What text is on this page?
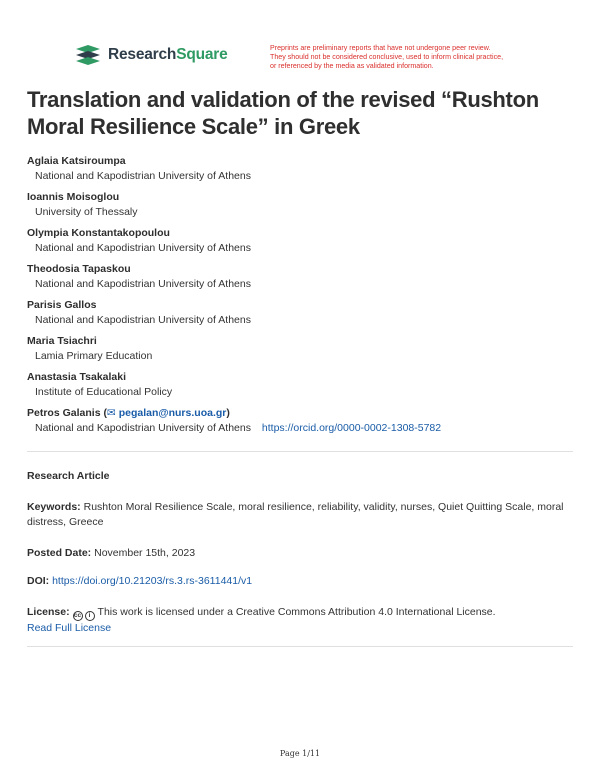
ResearchSquare	Preprints are preliminary reports that have not undergone peer review.
They should not be considered conclusive, used to inform clinical practice,
or referenced by the media as validated information.
Translation and validation of the revised “Rushton Moral Resilience Scale” in Greek
Aglaia Katsiroumpa
National and Kapodistrian University of Athens
Ioannis Moisoglou
University of Thessaly
Olympia Konstantakopoulou
National and Kapodistrian University of Athens
Theodosia Tapaskou
National and Kapodistrian University of Athens
Parisis Gallos
National and Kapodistrian University of Athens
Maria Tsiachri
Lamia Primary Education
Anastasia Tsakalaki
Institute of Educational Policy
Petros Galanis (✉ pegalan@nurs.uoa.gr)
National and Kapodistrian University of Athens https://orcid.org/0000-0002-1308-5782
Research Article
Keywords: Rushton Moral Resilience Scale, moral resilience, reliability, validity, nurses, Quiet Quitting Scale, moral distress, Greece
Posted Date: November 15th, 2023
DOI: https://doi.org/10.21203/rs.3.rs-3611441/v1
License: cc	i This work is licensed under a Creative Commons Attribution 4.0 International License.
Read Full License
Page 1/11
